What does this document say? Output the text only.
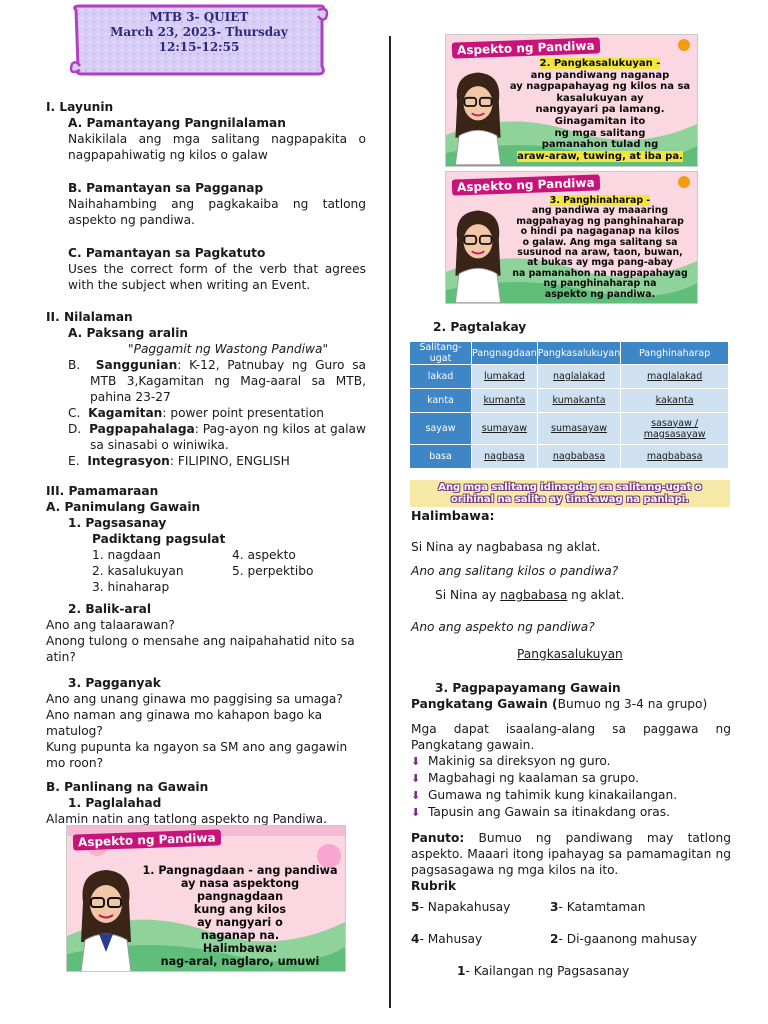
MTB 3- QUIET
March 23, 2023- Thursday
12:15-12:55
I. Layunin
A. Pamantayang Pangnilalaman
Nakikilala ang mga salitang nagpapakita o nagpapahiwatig ng kilos o galaw
B. Pamantayan sa Pagganap
Naihahambing ang pagkakaiba ng tatlong aspekto ng pandiwa.
C. Pamantayan sa Pagkatuto
Uses the correct form of the verb that agrees with the subject when writing an Event.
II. Nilalaman
A. Paksang aralin
"Paggamit ng Wastong Pandiwa"
B.  Sanggunian: K-12, Patnubay ng Guro sa MTB 3,Kagamitan ng Mag-aaral sa MTB, pahina 23-27
C.  Kagamitan: power point presentation
D.  Pagpapahalaga: Pag-ayon ng kilos at galaw sa sinasabi o winiwika.
E.  Integrasyon: FILIPINO, ENGLISH
III. Pamamaraan
A. Panimulang Gawain
1. Pagsasanay
Padiktang pagsulat
1. nagdaan
2. kasalukuyan
3. hinaharap
4. aspekto
5. perpektibo
2. Balik-aral
Ano ang talaarawan?
Anong tulong o mensahe ang naipahahatid nito sa atin?
3. Pagganyak
Ano ang unang ginawa mo paggising sa umaga?
Ano naman ang ginawa mo kahapon bago ka matulog?
Kung pupunta ka ngayon sa SM ano ang gagawin mo roon?
B. Panlinang na Gawain
1. Paglalahad
Alamin natin ang tatlong aspekto ng Pandiwa.
Aspekto ng Pandiwa
1. Pangnagdaan - ang pandiwa
ay nasa aspektong
pangnagdaan
kung ang kilos
ay nangyari o
naganap na.
Halimbawa:
nag-aral, naglaro, umuwi
Aspekto ng Pandiwa
2. Pangkasalukuyan -
ang pandiwang naganap
ay nagpapahayag ng kilos na sa
kasalukuyan ay
nangyayari pa lamang.
Ginagamitan ito
ng mga salitang
pamanahon tulad ng
araw-araw, tuwing, at iba pa.
Aspekto ng Pandiwa
3. Panghinaharap -
ang pandiwa ay maaaring
magpahayag ng panghinaharap
o hindi pa nagaganap na kilos
o galaw. Ang mga salitang sa
susunod na araw, taon, buwan,
at bukas ay mga pang-abay
na pamanahon na nagpapahayag
ng panghinaharap na
aspekto ng pandiwa.
2. Pagtalakay
Salitang-ugat	Pangnagdaan	Pangkasalukuyan	Panghinaharap
lakad	lumakad	naglalakad	maglalakad
kanta	kumanta	kumakanta	kakanta
sayaw	sumayaw	sumasayaw	sasayaw / magsasayaw
basa	nagbasa	nagbabasa	magbabasa
Ang mga salitang idinagdag sa salitang-ugat o orihinal na salita ay tinatawag na panlapi.
Halimbawa:
Si Nina ay nagbabasa ng aklat.
Ano ang salitang kilos o pandiwa?
Si Nina ay nagbabasa ng aklat.
Ano ang aspekto ng pandiwa?
Pangkasalukuyan
3. Pagpapayamang Gawain
Pangkatang Gawain (Bumuo ng 3-4 na grupo)
Mga dapat isaalang-alang sa paggawa ng Pangkatang gawain.
⬇ Makinig sa direksyon ng guro.
⬇ Magbahagi ng kaalaman sa grupo.
⬇ Gumawa ng tahimik kung kinakailangan.
⬇ Tapusin ang Gawain sa itinakdang oras.
Panuto: Bumuo ng pandiwang may tatlong aspekto. Maaari itong ipahayag sa pamamagitan ng pagsasagawa ng mga kilos na ito.
Rubrik
5- Napakahusay	3- Katamtaman
4- Mahusay	2- Di-gaanong mahusay
1- Kailangan ng Pagsasanay
